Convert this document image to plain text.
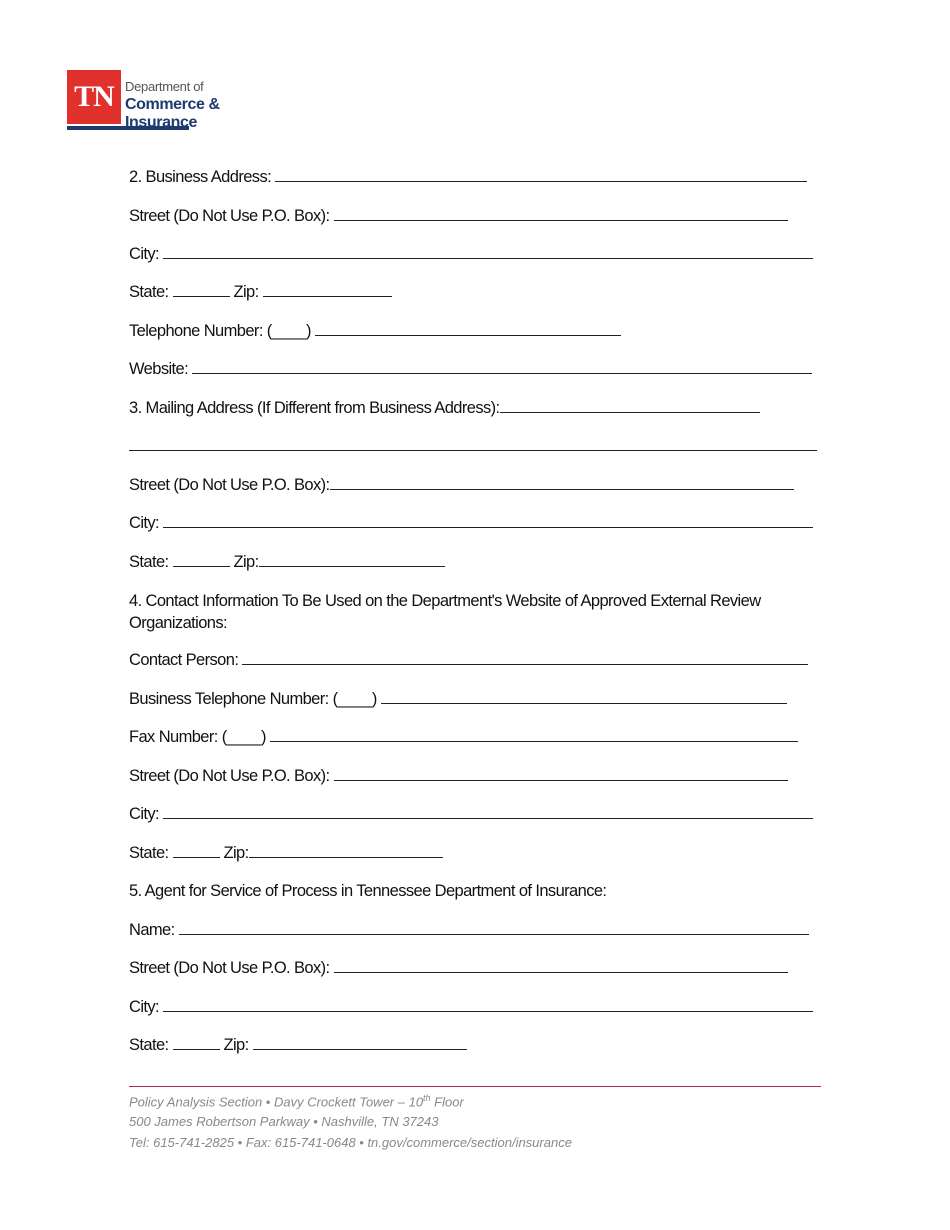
TN Department of
Commerce &
Insurance
2. Business Address:
Street (Do Not Use P.O. Box):
City:
State:	Zip:
Telephone Number: (____)
Website:
3. Mailing Address (If Different from Business Address):
Street (Do Not Use P.O. Box):
City:
State:	Zip:
4. Contact Information To Be Used on the Department's Website of Approved External Review Organizations:
Contact Person:
Business Telephone Number: (____)
Fax Number: (____)
Street (Do Not Use P.O. Box):
City:
State:	Zip:
5. Agent for Service of Process in Tennessee Department of Insurance:
Name:
Street (Do Not Use P.O. Box):
City:
State:	Zip:
Policy Analysis Section • Davy Crockett Tower – 10th Floor
500 James Robertson Parkway • Nashville, TN 37243
Tel: 615-741-2825 • Fax: 615-741-0648 • tn.gov/commerce/section/insurance
